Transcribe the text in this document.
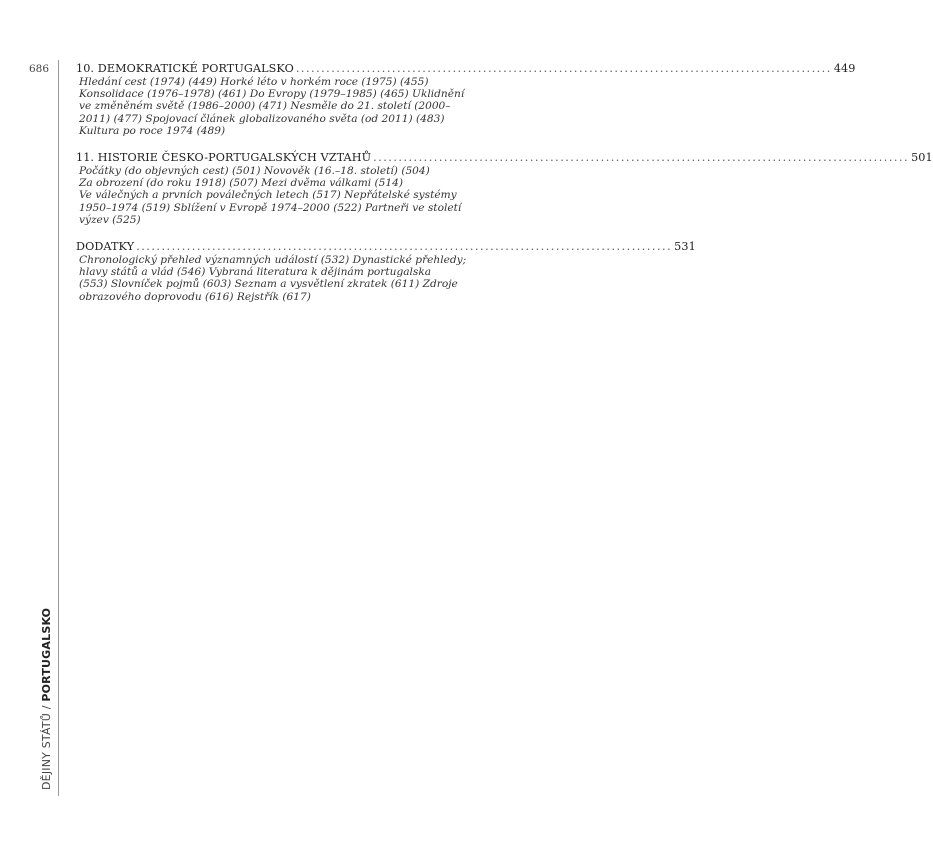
686
DĚJINY STÁTŮ / PORTUGALSKO
10. DEMOKRATICKÉ PORTUGALSKO .......................................................................................................... 449
Hledání cest (1974) (449) Horké léto v horkém roce (1975) (455)
Konsolidace (1976–1978) (461) Do Evropy (1979–1985) (465) Uklidnění
ve změněném světě (1986–2000) (471) Nesměle do 21. století (2000–
2011) (477) Spojovací článek globalizovaného světa (od 2011) (483)
Kultura po roce 1974 (489)
11. HISTORIE ČESKO-PORTUGALSKÝCH VZTAHŮ .......................................................................................................... 501
Počátky (do objevných cest) (501) Novověk (16.–18. století) (504)
Za obrození (do roku 1918) (507) Mezi dvěma válkami (514)
Ve válečných a prvních poválečných letech (517) Nepřátelské systémy
1950–1974 (519) Sblížení v Evropě 1974–2000 (522) Partneři ve století
výzev (525)
DODATKY .......................................................................................................... 531
Chronologický přehled významných událostí (532) Dynastické přehledy;
hlavy států a vlád (546) Vybraná literatura k dějinám portugalska
(553) Slovníček pojmů (603) Seznam a vysvětlení zkratek (611) Zdroje
obrazového doprovodu (616) Rejstřík (617)
